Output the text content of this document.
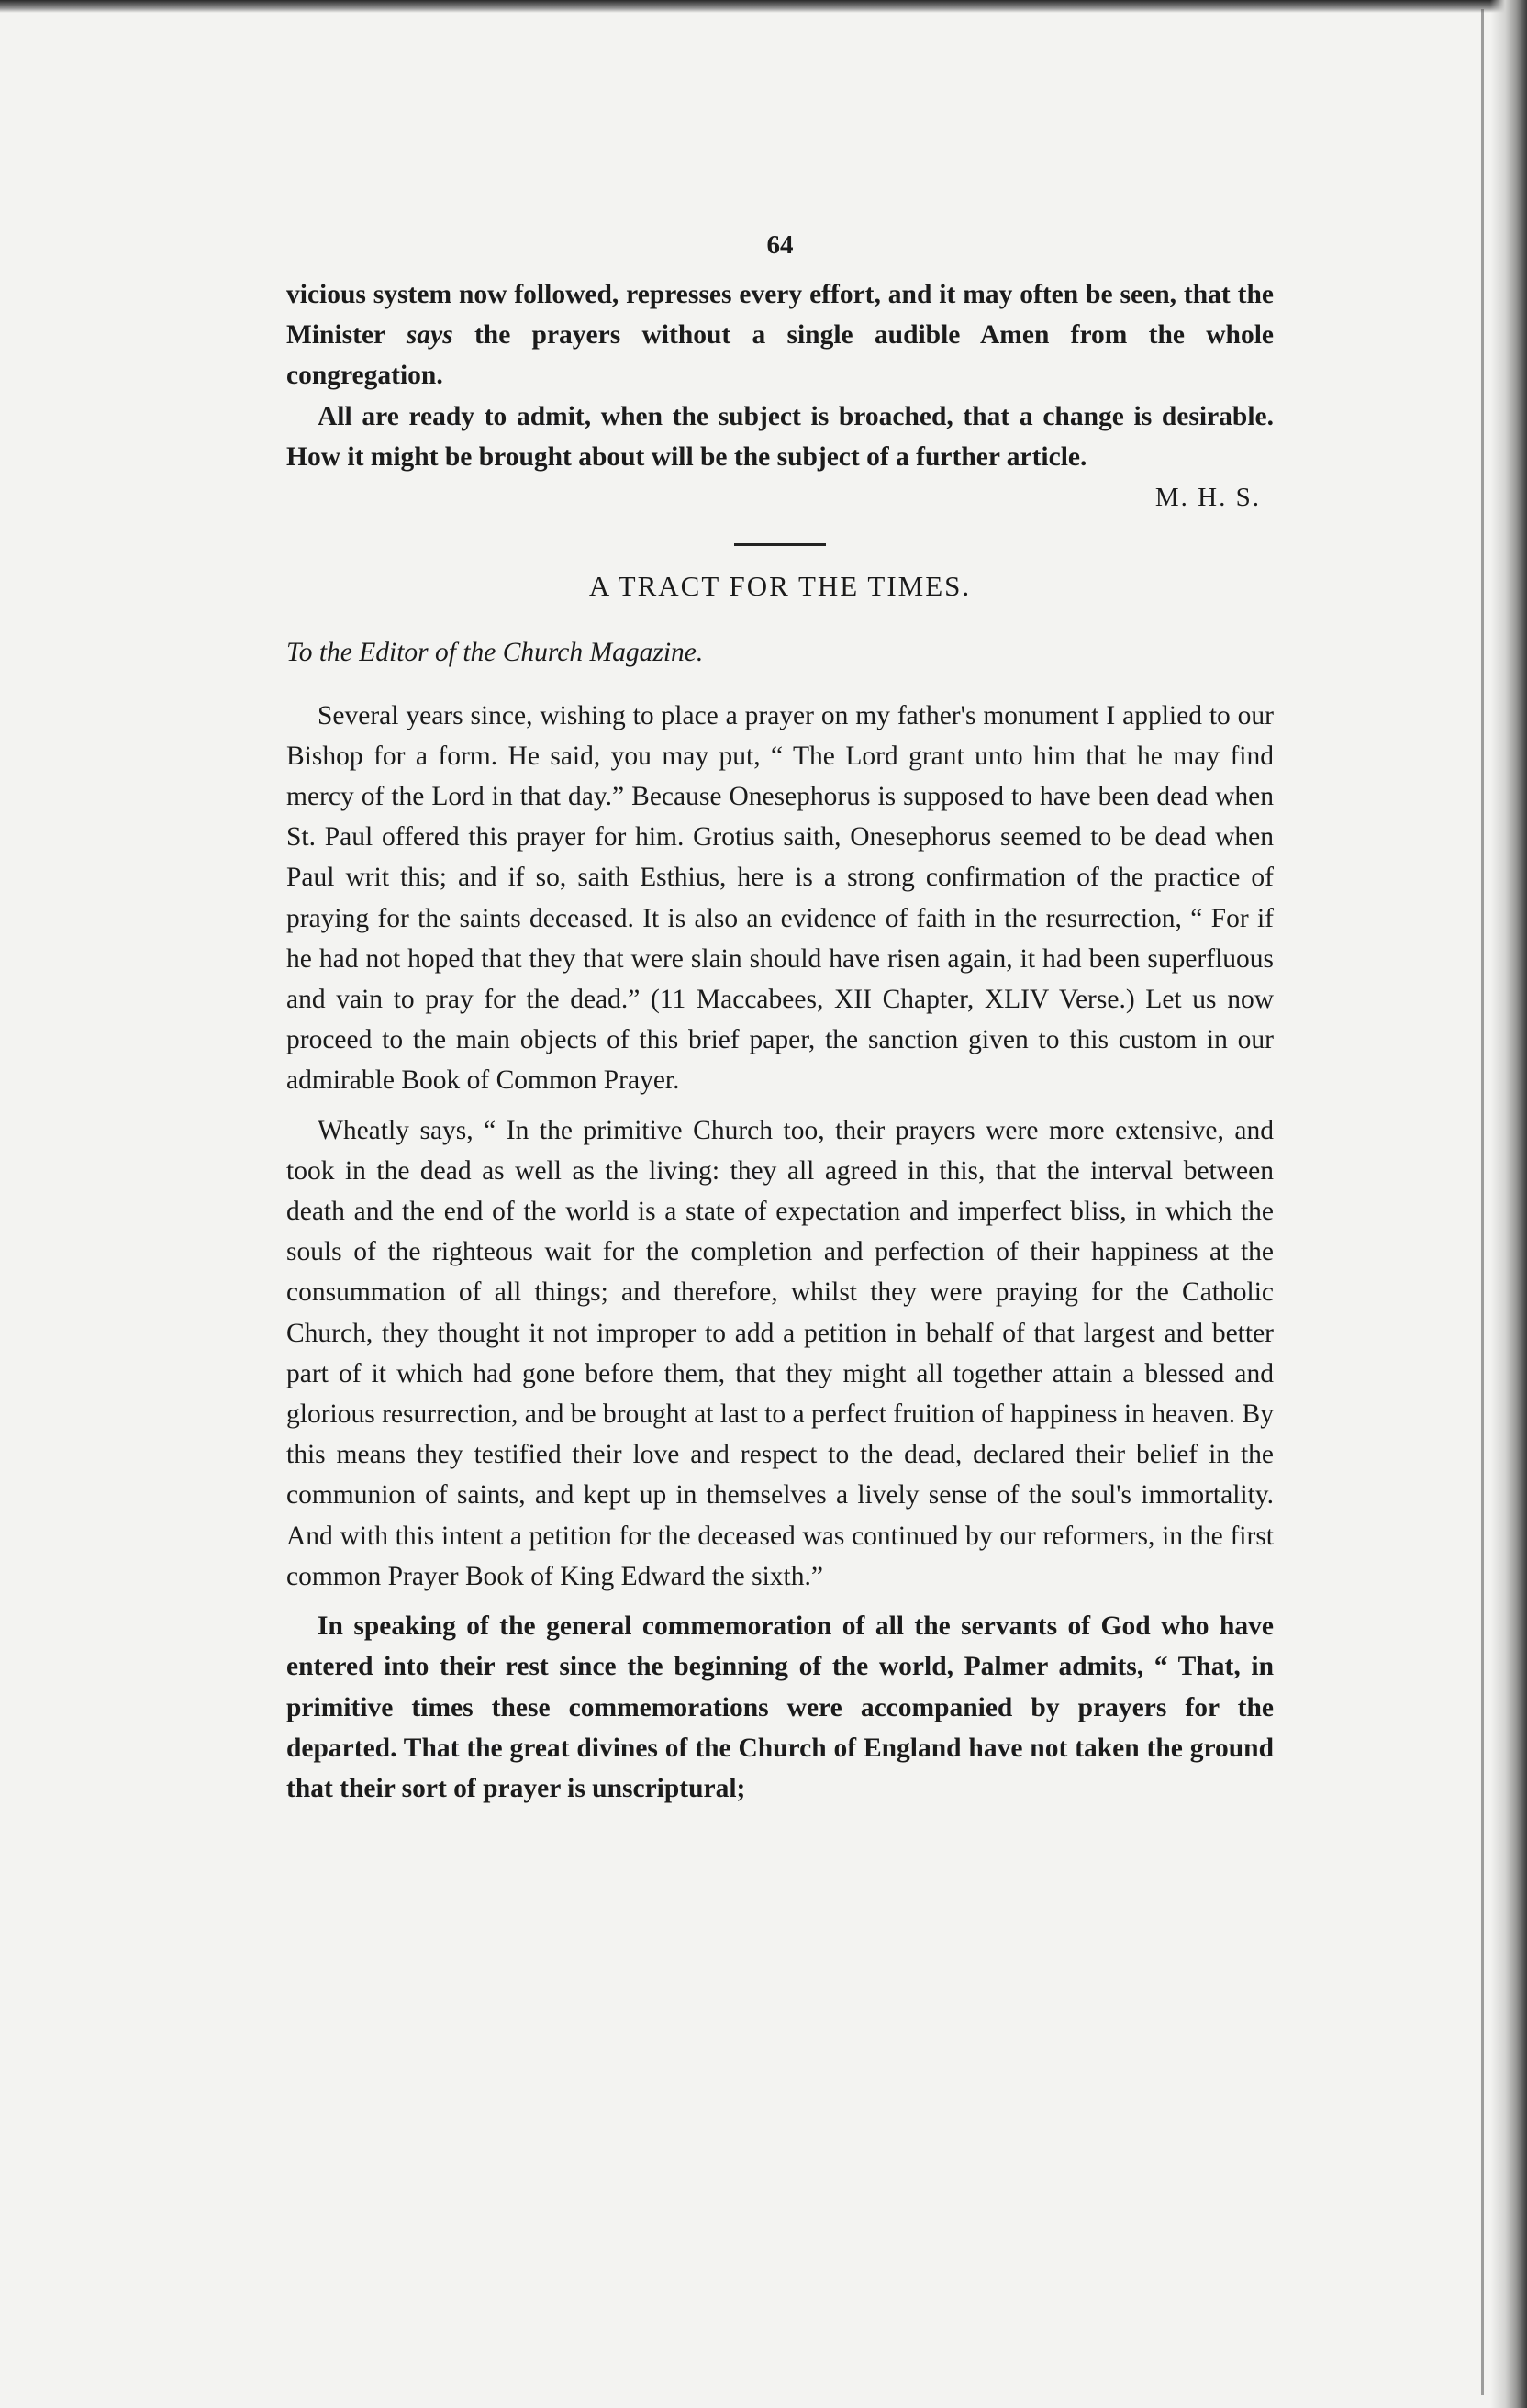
64

vicious system now followed, represses every effort, and it may often be seen, that the Minister says the prayers without a single audible Amen from the whole congregation.

All are ready to admit, when the subject is broached, that a change is desirable. How it might be brought about will be the subject of a further article.

M. H. S.

A TRACT FOR THE TIMES.

To the Editor of the Church Magazine.

Several years since, wishing to place a prayer on my father's monument I applied to our Bishop for a form. He said, you may put, “ The Lord grant unto him that he may find mercy of the Lord in that day.” Because Onesephorus is supposed to have been dead when St. Paul offered this prayer for him. Grotius saith, Onesephorus seemed to be dead when Paul writ this; and if so, saith Esthius, here is a strong confirmation of the practice of praying for the saints deceased. It is also an evidence of faith in the resurrection, “ For if he had not hoped that they that were slain should have risen again, it had been superfluous and vain to pray for the dead.” (11 Maccabees, XII Chapter, XLIV Verse.) Let us now proceed to the main objects of this brief paper, the sanction given to this custom in our admirable Book of Common Prayer.

Wheatly says, “ In the primitive Church too, their prayers were more extensive, and took in the dead as well as the living: they all agreed in this, that the interval between death and the end of the world is a state of expectation and imperfect bliss, in which the souls of the righteous wait for the completion and perfection of their happiness at the consummation of all things; and therefore, whilst they were praying for the Catholic Church, they thought it not improper to add a petition in behalf of that largest and better part of it which had gone before them, that they might all together attain a blessed and glorious resurrection, and be brought at last to a perfect fruition of happiness in heaven. By this means they testified their love and respect to the dead, declared their belief in the communion of saints, and kept up in themselves a lively sense of the soul's immortality. And with this intent a petition for the deceased was continued by our reformers, in the first common Prayer Book of King Edward the sixth.”

In speaking of the general commemoration of all the servants of God who have entered into their rest since the beginning of the world, Palmer admits, “ That, in primitive times these commemorations were accompanied by prayers for the departed. That the great divines of the Church of England have not taken the ground that their sort of prayer is unscriptural;
